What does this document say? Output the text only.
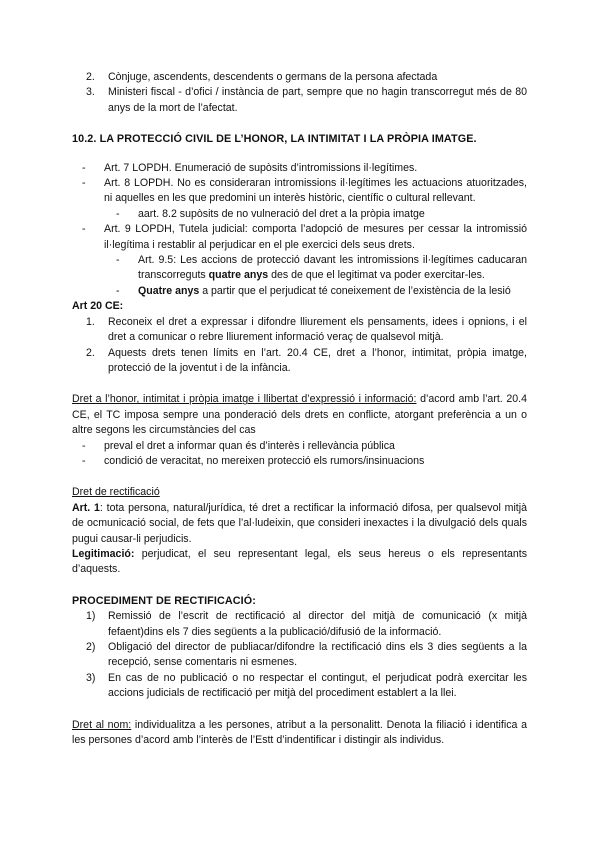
2.	Cònjuge, ascendents, descendents o germans de la persona afectada
3.	Ministeri fiscal - d’ofici / instància de part, sempre que no hagin transcorregut més de 80 anys de la mort de l’afectat.
10.2. LA PROTECCIÓ CIVIL DE L’HONOR, LA INTIMITAT I LA PRÒPIA IMATGE.
-	Art. 7 LOPDH. Enumeració de supòsits d’intromissions il·legítimes.
-	Art. 8 LOPDH. No es consideraran intromissions il·legítimes les actuacions atuoritzades, ni aquelles en les que predomini un interès històric, científic o cultural rellevant.
-	aart. 8.2 supòsits de no vulneració del dret a la pròpia imatge
-	Art. 9 LOPDH, Tutela judicial: comporta l’adopció de mesures per cessar la intromissió il·legítima i restablir al perjudicar en el ple exercici dels seus drets.
-	Art. 9.5: Les accions de protecció davant les intromissions il·legítimes caducaran transcorreguts quatre anys des de que el legitimat va poder exercitar-les.
-	Quatre anys a partir que el perjudicat té coneixement de l’existència de la lesió

Art 20 CE:

1.	Reconeix el dret a expressar i difondre lliurement els pensaments, idees i opnions, i el dret a comunicar o rebre lliurement informació veraç de qualsevol mitjà.
2.	Aquests drets tenen límits en l’art. 20.4 CE, dret a l’honor, intimitat, pròpia imatge, protecció de la joventut i de la infància.

Dret a l’honor, intimitat i pròpia imatge i llibertat d’expressió i informació: d’acord amb l’art. 20.4 CE, el TC imposa sempre una ponderació dels drets en conflicte, atorgant preferència a un o altre segons les circumstàncies del cas

-	preval el dret a informar quan és d’interès i rellevància pública
-	condició de veracitat, no mereixen protecció els rumors/insinuacions

Dret de rectificació

Art. 1: tota persona, natural/jurídica, té dret a rectificar la informació difosa, per qualsevol mitjà de ocmunicació social, de fets que l’al·ludeixin, que consideri inexactes i la divulgació dels quals pugui causar-li perjudicis.

Legitimació: perjudicat, el seu representant legal, els seus hereus o els representants d’aquests.

PROCEDIMENT DE RECTIFICACIÓ:
1)	Remissió de l’escrit de rectificació al director del mitjà de comunicació (x mitjà fefaent)dins els 7 dies següents a la publicació/difusió de la informació.
2)	Obligació del director de publiacar/difondre la rectificació dins els 3 dies següents a la recepció, sense comentaris ni esmenes.
3)	En cas de no publicació o no respectar el contingut, el perjudicat podrà exercitar les accions judicials de rectificació per mitjà del procediment establert a la llei.

Dret al nom: individualitza a les persones, atribut a la personalitt. Denota la filiació i identifica a les persones d’acord amb l’interès de l’Estt d’indentificar i distingir als individus.
